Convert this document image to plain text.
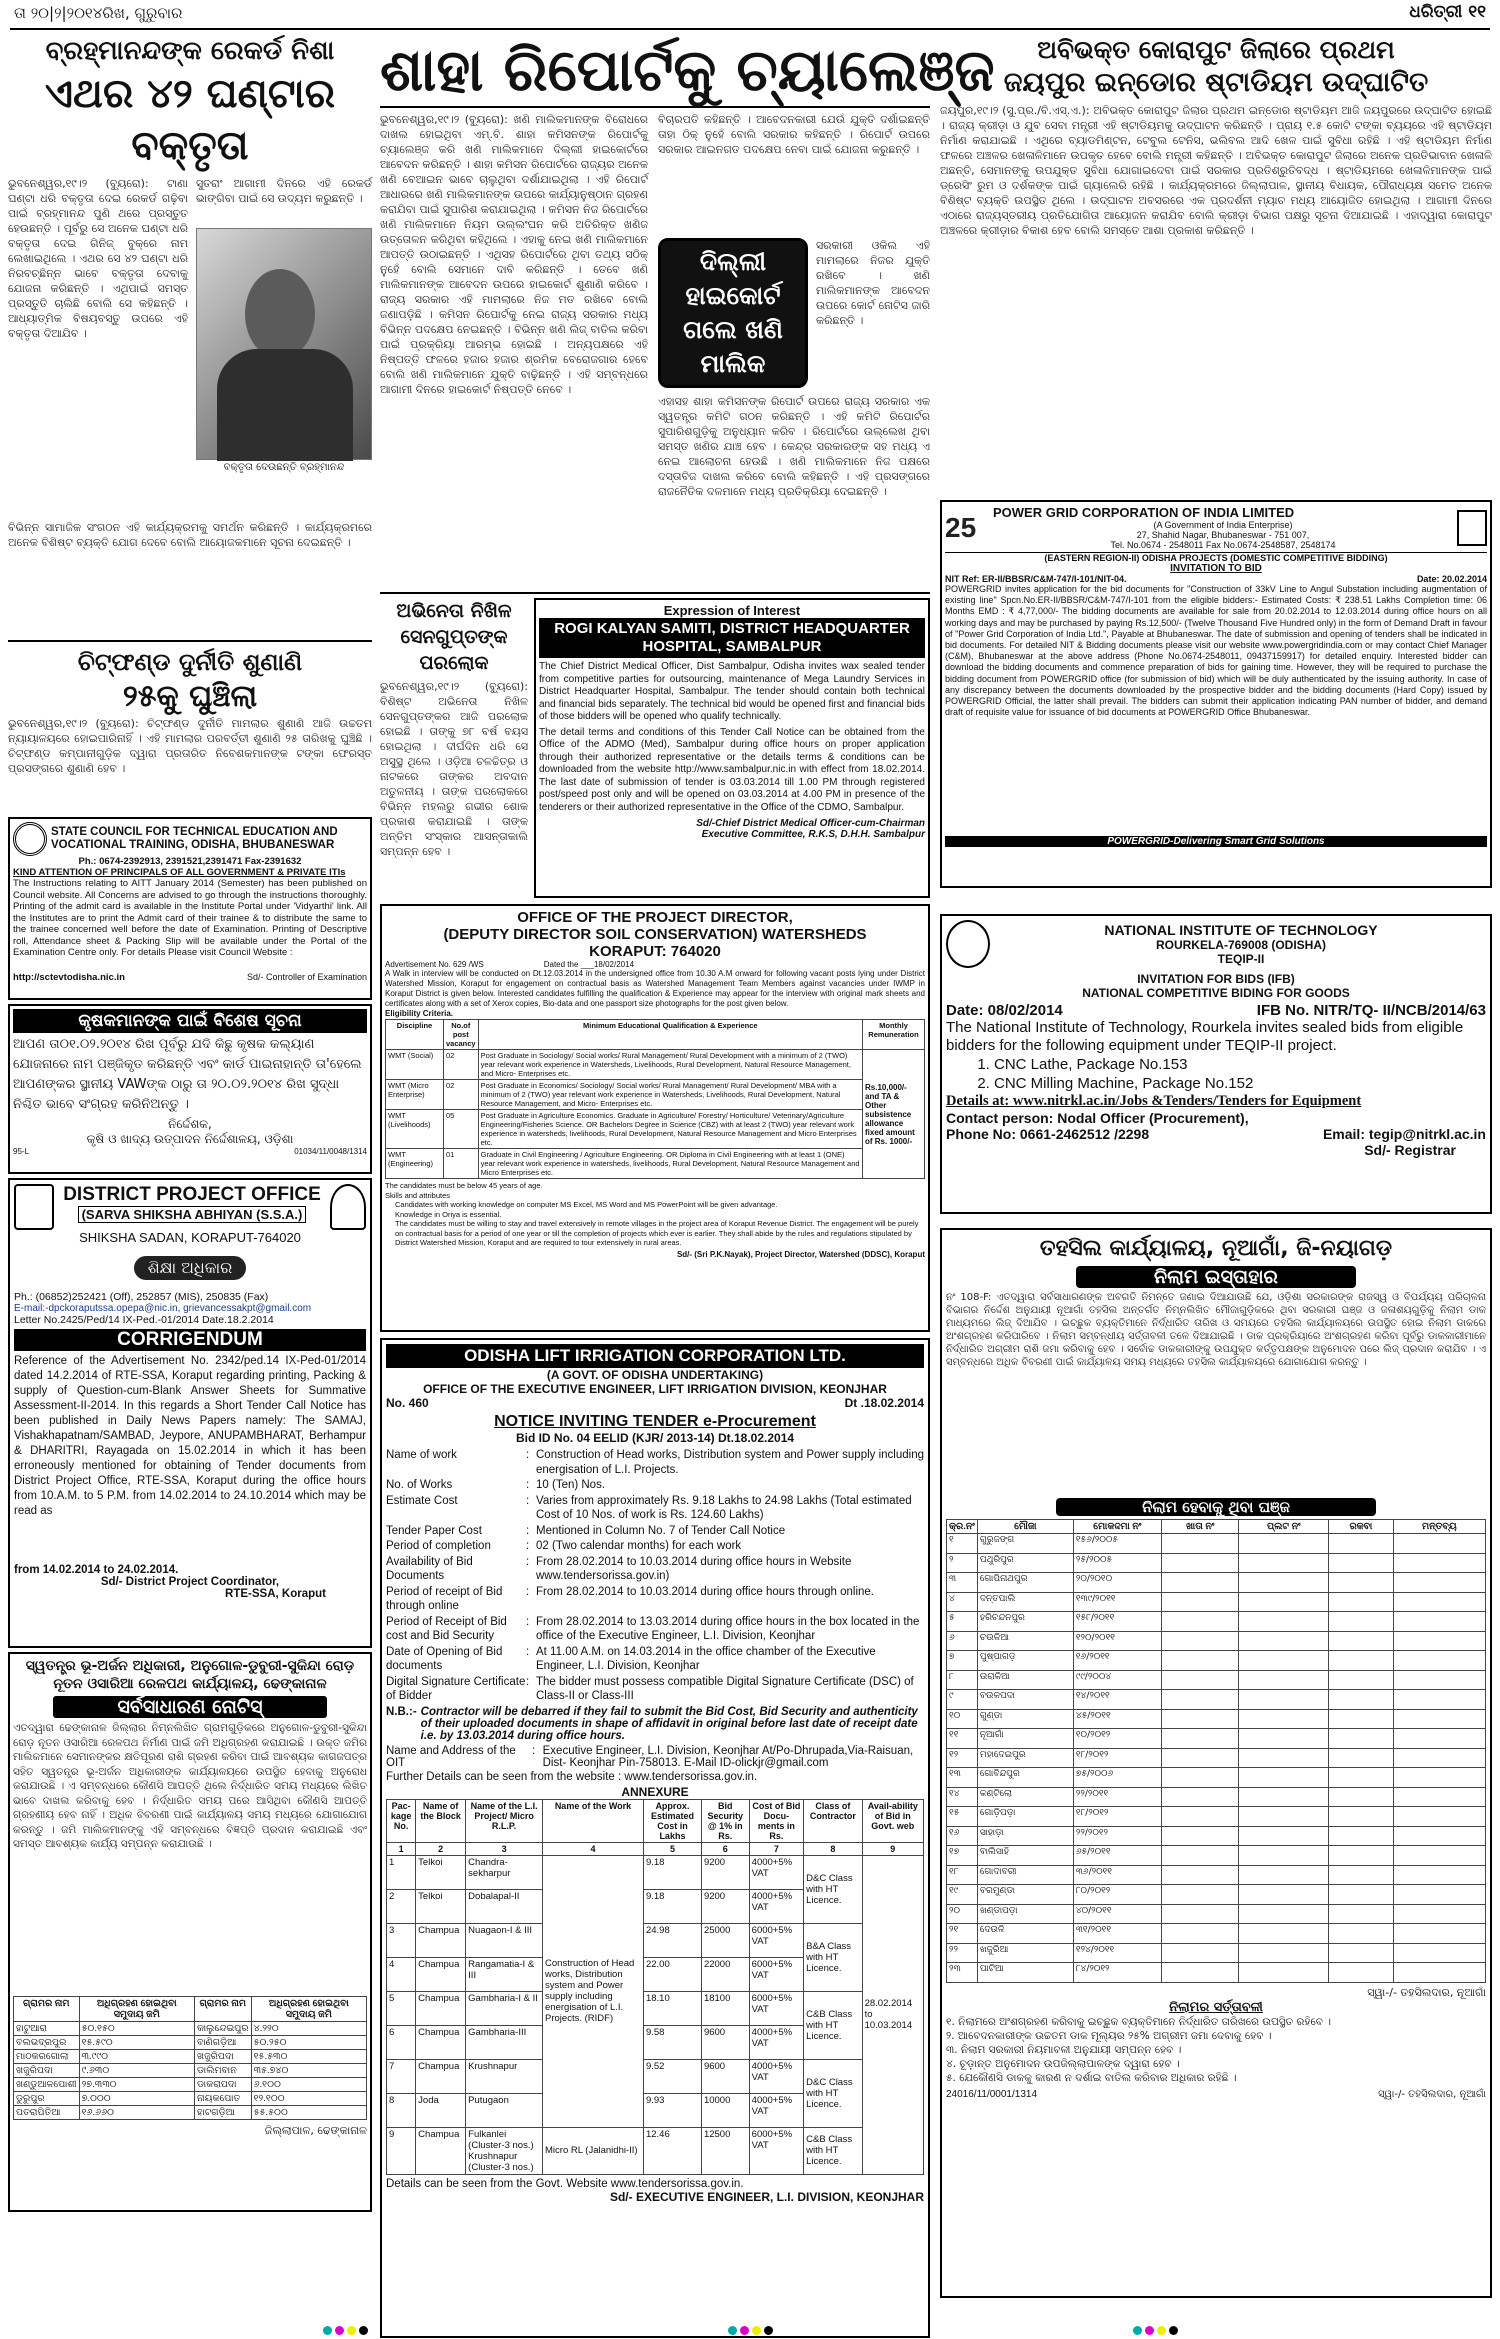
ତା ୨୦|୨|୨୦୧୪ରିଖ, ଗୁରୁବାର	ଧରିତ୍ରୀ ୧୧
ବ୍ରହ୍ମାନନ୍ଦଙ୍କ ରେକର୍ଡ ନିଶା
ଏଥର ୪୨ ଘଣ୍ଟାର ବକ୍ତୃତା
ଭୁବନେଶ୍ୱର,୧୯।୨ (ବ୍ୟୁରୋ): ଟାଣା ଘଣ୍ଟା ଧରି ବକ୍ତୃତା ଦେଇ ରେକର୍ଡ ଗଢ଼ିବା ପାଇଁ ବ୍ରହ୍ମାନନ୍ଦ ପୁଣି ଥରେ ପ୍ରସ୍ତୁତ ହେଉଛନ୍ତି । ପୂର୍ବରୁ ସେ ଅନେକ ଘଣ୍ଟା ଧରି ବକ୍ତୃତା ଦେଇ ଗିନିଜ୍ ବୁକ୍‌ରେ ନାମ ଲେଖାଇଥିଲେ । ଏଥର ସେ ୪୨ ଘଣ୍ଟା ଧରି ନିରବଚ୍ଛିନ୍ନ ଭାବେ ବକ୍ତୃତା ଦେବାକୁ ଯୋଜନା କରିଛନ୍ତି । ଏଥିପାଇଁ ସମସ୍ତ ପ୍ରସ୍ତୁତି ଚାଲିଛି ବୋଲି ସେ କହିଛନ୍ତି । ଆଧ୍ୟାତ୍ମିକ ବିଷୟବସ୍ତୁ ଉପରେ ଏହି ବକ୍ତୃତା ଦିଆଯିବ ।
ସୁତରାଂ ଆଗାମୀ ଦିନରେ ଏହି ରେକର୍ଡ ଭାଙ୍ଗିବା ପାଇଁ ସେ ଉଦ୍ୟମ କରୁଛନ୍ତି ।
ବକ୍ତୃତା ଦେଉଛନ୍ତି ବ୍ରହ୍ମାନନ୍ଦ
ବିଭିନ୍ନ ସାମାଜିକ ସଂଗଠନ ଏହି କାର୍ଯ୍ୟକ୍ରମକୁ ସମର୍ଥନ କରିଛନ୍ତି । କାର୍ଯ୍ୟକ୍ରମରେ ଅନେକ ବିଶିଷ୍ଟ ବ୍ୟକ୍ତି ଯୋଗ ଦେବେ ବୋଲି ଆୟୋଜକମାନେ ସୂଚନା ଦେଇଛନ୍ତି ।
ଚିଟ୍‌ଫଣ୍ଡ ଦୁର୍ନୀତି ଶୁଣାଣି
୨୫କୁ ଘୁଞ୍ଚିଲା
ଭୁବନେଶ୍ୱର,୧୯।୨ (ବ୍ୟୁରୋ): ଚିଟ୍‌ଫଣ୍ଡ ଦୁର୍ନୀତି ମାମଲାର ଶୁଣାଣି ଆଜି ଉଚ୍ଚତମ ନ୍ୟାୟାଳୟରେ ହୋଇପାରିନାହିଁ । ଏହି ମାମଲାର ପରବର୍ତ୍ତୀ ଶୁଣାଣି ୨୫ ତାରିଖକୁ ଘୁଞ୍ଚିଛି । ଚିଟ୍‌ଫଣ୍ଡ କମ୍ପାନୀଗୁଡ଼ିକ ଦ୍ୱାରା ପ୍ରତାରିତ ନିବେଶକମାନଙ୍କ ଟଙ୍କା ଫେରସ୍ତ ପ୍ରସଙ୍ଗରେ ଶୁଣାଣି ହେବ ।
STATE COUNCIL FOR TECHNICAL EDUCATION AND VOCATIONAL TRAINING, ODISHA, BHUBANESWAR
Ph.: 0674-2392913, 2391521,2391471 Fax-2391632
KIND ATTENTION OF PRINCIPALS OF ALL GOVERNMENT & PRIVATE ITIs
The Instructions relating to AITT January 2014 (Semester) has been published on Council website. All Concerns are advised to go through the instructions thoroughly. Printing of the admit card is available in the Institute Portal under 'Vidyarthi' link. All the Institutes are to print the Admit card of their trainee & to distribute the same to the trainee concerned well before the date of Examination. Printing of Descriptive roll, Attendance sheet & Packing Slip will be available under the Portal of the Examination Centre only. For details Please visit Council Website :
http://sctevtodisha.nic.in	Sd/- Controller of Examination
କୃଷକମାନଙ୍କ ପାଇଁ ବିଶେଷ ସୂଚନା
ଆପଣ ତା୦୧.୦୨.୨୦୧୪ ରିଖ ପୂର୍ବରୁ ଯଦି କିଛୁ କୃଷକ କଲ୍ୟାଣ ଯୋଜନାରେ ନାମ ପଞ୍ଜିକୃତ କରିଛନ୍ତି ଏବଂ କାର୍ଡ ପାଇନାହାନ୍ତି ତା'ହେଲେ ଆପଣଙ୍କର ସ୍ଥାନୀୟ VAWଙ୍କ ଠାରୁ ତା ୨୦.୦୨.୨୦୧୪ ରିଖ ସୁଦ୍ଧା ନିଶ୍ଚିତ ଭାବେ ସଂଗ୍ରହ କରିନିଅନ୍ତୁ ।
ନିର୍ଦ୍ଦେଶକ,
କୃଷି ଓ ଖାଦ୍ୟ ଉତ୍ପାଦନ ନିର୍ଦ୍ଦେଶାଳୟ, ଓଡ଼ିଶା
95-L	01034/11/0048/1314
DISTRICT PROJECT OFFICE
(SARVA SHIKSHA ABHIYAN (S.S.A.)
SHIKSHA SADAN, KORAPUT-764020
ଶିକ୍ଷା ଅଧିକାର
Ph.: (06852)252421 (Off), 252857 (MIS), 250835 (Fax)
E-mail:-dpckoraputssa.opepa@nic.in, grievancessakpt@gmail.com
Letter No.2425/Ped/14 IX-Ped.-01/2014 Date.18.2.2014
CORRIGENDUM
Reference of the Advertisement No. 2342/ped.14 IX-Ped-01/2014 dated 14.2.2014 of RTE-SSA, Koraput regarding printing, Packing & supply of Question-cum-Blank Answer Sheets for Summative Assessment-II-2014. In this regards a Short Tender Call Notice has been published in Daily News Papers namely: The SAMAJ, Vishakhapatnam/SAMBAD, Jeypore, ANUPAMBHARAT, Berhampur & DHARITRI, Rayagada on 15.02.2014 in which it has been erroneously mentioned for obtaining of Tender documents from District Project Office, RTE-SSA, Koraput during the office hours from 10.A.M. to 5 P.M. from 14.02.2014 to 24.10.2014 which may be read as
from 14.02.2014 to 24.02.2014.
Sd/- District Project Coordinator,
RTE-SSA, Koraput
ସ୍ୱତନ୍ତ୍ର ଭୂ-ଅର୍ଜନ ଅଧିକାରୀ, ଅନୁଗୋଳ-ଡୁବୁରୀ-ସୁକିନ୍ଦା ରୋଡ଼ ନୂତନ ଓସାରିଆ ରେଳପଥ କାର୍ଯ୍ୟାଳୟ, ଢେଙ୍କାନାଳ
ସର୍ବସାଧାରଣ ନୋଟିସ୍
ଏତଦ୍ୱାରା ଢେଙ୍କାନାଳ ଜିଲ୍ଲାର ନିମ୍ନଲିଖିତ ଗ୍ରାମଗୁଡ଼ିକରେ ଅନୁଗୋଳ-ଡୁବୁରୀ-ସୁକିନ୍ଦା ରୋଡ଼ ନୂତନ ଓସାରିଆ ରେଳପଥ ନିର୍ମାଣ ପାଇଁ ଜମି ଅଧିଗ୍ରହଣ କରାଯାଇଛି । ଉକ୍ତ ଜମିର ମାଲିକମାନେ ସେମାନଙ୍କର କ୍ଷତିପୂରଣ ରାଶି ଗ୍ରହଣ କରିବା ପାଇଁ ଆବଶ୍ୟକ କାଗଜପତ୍ର ସହିତ ସ୍ୱତନ୍ତ୍ର ଭୂ-ଅର୍ଜନ ଅଧିକାରୀଙ୍କ କାର୍ଯ୍ୟାଳୟରେ ଉପସ୍ଥିତ ହେବାକୁ ଅନୁରୋଧ କରାଯାଉଛି । ଏ ସମ୍ବନ୍ଧରେ କୌଣସି ଆପତ୍ତି ଥିଲେ ନିର୍ଦ୍ଧାରିତ ସମୟ ମଧ୍ୟରେ ଲିଖିତ ଭାବେ ଦାଖଲ କରିବାକୁ ହେବ । ନିର୍ଦ୍ଧାରିତ ସମୟ ପରେ ଆସିଥିବା କୌଣସି ଆପତ୍ତି ଗ୍ରହଣୀୟ ହେବ ନାହିଁ । ଅଧିକ ବିବରଣୀ ପାଇଁ କାର୍ଯ୍ୟାଳୟ ସମୟ ମଧ୍ୟରେ ଯୋଗାଯୋଗ କରନ୍ତୁ । ଜମି ମାଲିକମାନଙ୍କୁ ଏହି ସମ୍ବନ୍ଧରେ ବିଜ୍ଞପ୍ତି ପ୍ରଦାନ କରାଯାଇଛି ଏବଂ ସମସ୍ତ ଆବଶ୍ୟକ କାର୍ଯ୍ୟ ସମ୍ପନ୍ନ କରାଯାଉଛି ।
ଗ୍ରାମର ନାମ	ଅଧିଗ୍ରହଣ ହୋଇଥିବା ସମୁଦାୟ ଜମି	ଗ୍ରାମର ନାମ	ଅଧିଗ୍ରହଣ ହୋଇଥିବା ସମୁଦାୟ ଜମି
ହାଟୁଆରା	୫୦.୧୫୦	କାଲୁନ୍ଦେଇପୁର	୪.୨୨୦
ବଲଭଦ୍ରପୁର	୧୫.୫୯୦	ବାଣିଗଡ଼ିଆ	୫୦.୨୫୦
ମାଠକରଗୋଲା	୩.୯୯୦	ଖଜୁରିପଦା	୧୫.୫୩୦
ଖଜୁରିପଦା	୯.୬୩୦	ଡାଲିମବାନ	୩୫.୭୪୦
ଖଣ୍ଡୁଆଳପୋଶୀ	୨୭.୩୩୦	ଡାକରାପଦା	୬.୧୦୦
ଡୁରୁପୁର	୭.୦୦୦	ନାୟକପୋତ	୧୨.୧୦୦
ପତରାପିତିଆ	୧୬.୬୬୦	ହାଟଗଡ଼ିଆ	୫୫.୫୦୦
ଜିଲ୍ଲାପାଳ, ଢେଙ୍କାନାଳ
ଶାହା ରିପୋର୍ଟକୁ ଚ୍ୟାଲେଞ୍ଜ
ଭୁବନେଶ୍ୱର,୧୯।୨ (ବ୍ୟୁରୋ): ଖଣି ମାଲିକମାନଙ୍କ ବିରୋଧରେ ଦାଖଲ ହୋଇଥିବା ଏମ୍.ବି. ଶାହା କମିସନଙ୍କ ରିପୋର୍ଟକୁ ଚ୍ୟାଲେଞ୍ଜ କରି ଖଣି ମାଲିକମାନେ ଦିଲ୍ଲୀ ହାଇକୋର୍ଟରେ ଆବେଦନ କରିଛନ୍ତି । ଶାହା କମିସନ ରିପୋର୍ଟରେ ରାଜ୍ୟର ଅନେକ ଖଣି ବେଆଇନ ଭାବେ ଚାଲୁଥିବା ଦର୍ଶାଯାଇଥିଲା । ଏହି ରିପୋର୍ଟ ଆଧାରରେ ଖଣି ମାଲିକମାନଙ୍କ ଉପରେ କାର୍ଯ୍ୟାନୁଷ୍ଠାନ ଗ୍ରହଣ କରାଯିବା ପାଇଁ ସୁପାରିଶ କରାଯାଇଥିଲା । କମିସନ ନିଜ ରିପୋର୍ଟରେ ଖଣି ମାଲିକମାନେ ନିୟମ ଉଲ୍ଲଂଘନ କରି ଅତିରିକ୍ତ ଖଣିଜ ଉତ୍ତୋଳନ କରିଥିବା କହିଥିଲେ । ଏହାକୁ ନେଇ ଖଣି ମାଲିକମାନେ ଆପତ୍ତି ଉଠାଇଛନ୍ତି । ଏଥିସହ ରିପୋର୍ଟରେ ଥିବା ତଥ୍ୟ ସଠିକ୍ ନୁହେଁ ବୋଲି ସେମାନେ ଦାବି କରିଛନ୍ତି । ତେବେ ଖଣି ମାଲିକମାନଙ୍କ ଆବେଦନ ଉପରେ ହାଇକୋର୍ଟ ଶୁଣାଣି କରିବେ । ରାଜ୍ୟ ସରକାର ଏହି ମାମଲାରେ ନିଜ ମତ ରଖିବେ ବୋଲି ଜଣାପଡ଼ିଛି । କମିସନ ରିପୋର୍ଟକୁ ନେଇ ରାଜ୍ୟ ସରକାର ମଧ୍ୟ ବିଭିନ୍ନ ପଦକ୍ଷେପ ନେଇଛନ୍ତି । ବିଭିନ୍ନ ଖଣି ଲିଜ୍ ବାତିଲ କରିବା ପାଇଁ ପ୍ରକ୍ରିୟା ଆରମ୍ଭ ହୋଇଛି । ଅନ୍ୟପକ୍ଷରେ ଏହି ନିଷ୍ପତ୍ତି ଫଳରେ ହଜାର ହଜାର ଶ୍ରମିକ ବେରୋଜଗାର ହେବେ ବୋଲି ଖଣି ମାଲିକମାନେ ଯୁକ୍ତି ବାଢ଼ିଛନ୍ତି । ଏହି ସମ୍ବନ୍ଧରେ ଆଗାମୀ ଦିନରେ ହାଇକୋର୍ଟ ନିଷ୍ପତ୍ତି ନେବେ ।
ବିଚାରପତି କହିଛନ୍ତି । ଆବେଦନକାରୀ ଯେଉଁ ଯୁକ୍ତି ଦର୍ଶାଇଛନ୍ତି ତାହା ଠିକ୍ ନୁହେଁ ବୋଲି ସରକାର କହିଛନ୍ତି । ରିପୋର୍ଟ ଉପରେ ସରକାର ଆଇନଗତ ପଦକ୍ଷେପ ନେବା ପାଇଁ ଯୋଜନା କରୁଛନ୍ତି ।
ଦିଲ୍ଲୀ ହାଇକୋର୍ଟ ଗଲେ ଖଣି ମାଲିକ
ସରକାରୀ ଓକିଲ ଏହି ମାମଲାରେ ନିଜର ଯୁକ୍ତି ରଖିବେ । ଖଣି ମାଲିକମାନଙ୍କ ଆବେଦନ ଉପରେ କୋର୍ଟ ନୋଟିସ ଜାରି କରିଛନ୍ତି ।
ଏହାସହ ଶାହା କମିସନଙ୍କ ରିପୋର୍ଟ ଉପରେ ରାଜ୍ୟ ସରକାର ଏକ ସ୍ୱତନ୍ତ୍ର କମିଟି ଗଠନ କରିଛନ୍ତି । ଏହି କମିଟି ରିପୋର୍ଟର ସୁପାରିଶଗୁଡ଼ିକୁ ଅନୁଧ୍ୟାନ କରିବ । ରିପୋର୍ଟରେ ଉଲ୍ଲେଖ ଥିବା ସମସ୍ତ ଖଣିର ଯାଞ୍ଚ ହେବ । କେନ୍ଦ୍ର ସରକାରଙ୍କ ସହ ମଧ୍ୟ ଏ ନେଇ ଆଲୋଚନା ହେଉଛି । ଖଣି ମାଲିକମାନେ ନିଜ ପକ୍ଷରେ ଦସ୍ତାବିଜ ଦାଖଲ କରିବେ ବୋଲି କହିଛନ୍ତି । ଏହି ପ୍ରସଙ୍ଗରେ ରାଜନୈତିକ ଦଳମାନେ ମଧ୍ୟ ପ୍ରତିକ୍ରିୟା ଦେଇଛନ୍ତି ।
ଅଭିନେତା ନିଖିଳ
ସେନଗୁପ୍ତଙ୍କ ପରଲୋକ
ଭୁବନେଶ୍ୱର,୧୯।୨ (ବ୍ୟୁରୋ): ବିଶିଷ୍ଟ ଅଭିନେତା ନିଖିଳ ସେନଗୁପ୍ତଙ୍କର ଆଜି ପରଲୋକ ହୋଇଛି । ତାଙ୍କୁ ୭୮ ବର୍ଷ ବୟସ ହୋଇଥିଲା । ଦୀର୍ଘଦିନ ଧରି ସେ ଅସୁସ୍ଥ ଥିଲେ । ଓଡ଼ିଆ ଚଳଚ୍ଚିତ୍ର ଓ ନାଟକରେ ତାଙ୍କର ଅବଦାନ ଅତୁଳନୀୟ । ତାଙ୍କ ପରଲୋକରେ ବିଭିନ୍ନ ମହଲରୁ ଗଭୀର ଶୋକ ପ୍ରକାଶ କରାଯାଇଛି । ତାଙ୍କ ଅନ୍ତିମ ସଂସ୍କାର ଆସନ୍ତାକାଲି ସମ୍ପନ୍ନ ହେବ ।
Expression of Interest
ROGI KALYAN SAMITI, DISTRICT HEADQUARTER HOSPITAL, SAMBALPUR
The Chief District Medical Officer, Dist Sambalpur, Odisha invites wax sealed tender from competitive parties for outsourcing, maintenance of Mega Laundry Services in District Headquarter Hospital, Sambalpur. The tender should contain both technical and financial bids separately. The technical bid would be opened first and financial bids of those bidders will be opened who qualify technically.
The detail terms and conditions of this Tender Call Notice can be obtained from the Office of the ADMO (Med), Sambalpur during office hours on proper application through their authorized representative or the details terms & conditions can be downloaded from the website http://www.sambalpur.nic.in with effect from 18.02.2014. The last date of submission of tender is 03.03.2014 till 1.00 PM through registered post/speed post only and will be opened on 03.03.2014 at 4.00 PM in presence of the tenderers or their authorized representative in the Office of the CDMO, Sambalpur.
Sd/-Chief District Medical Officer-cum-Chairman
Executive Committee, R.K.S, D.H.H. Sambalpur
OFFICE OF THE PROJECT DIRECTOR,
(DEPUTY DIRECTOR SOIL CONSERVATION) WATERSHEDS
KORAPUT: 764020
Advertisement No. 629 /WS	Dated the ___18/02/2014
A Walk in interview will be conducted on Dt.12.03.2014 in the undersigned office from 10.30 A.M onward for following vacant posts lying under District Watershed Mission, Koraput for engagement on contractual basis as Watershed Management Team Members against vacancies under IWMP in Koraput District is given below. Interested candidates fulfilling the qualification & Experience may appear for the interview with original mark sheets and certificates along with a set of Xerox copies, Bio-data and one passport size photographs for the post given below.
Eligibility Criteria.
Discipline	No.of post vacancy	Minimum Educational Qualification & Experience	Monthly Remuneration
WMT (Social)	02	Post Graduate in Sociology/ Social works/ Rural Management/ Rural Development with a minimum of 2 (TWO) year relevant work experience in Watersheds, Livelihoods, Rural Development, Natural Resource Management, and Micro- Enterprises etc.	Rs.10,000/- and TA & Other subsistence allowance fixed amount of Rs. 1000/-
WMT (Micro Enterprise)	02	Post Graduate in Economics/ Sociology/ Social works/ Rural Management/ Rural Development/ MBA with a minimum of 2 (TWO) year relevant work experience in Watersheds, Livelihoods, Rural Development, Natural Resource Management, and Micro- Enterprises etc.	
WMT (Livelihoods)	05	Post Graduate in Agriculture Economics. Graduate in Agriculture/ Forestry/ Horticulture/ Veterinary/Agriculture Engineering/Fisheries Science. OR Bachelors Degree in Science (CBZ) with at least 2 (TWO) year relevant work experience in watersheds, livelihoods, Rural Development, Natural Resource Management and Micro Enterprises etc.	
WMT (Engineering)	01	Graduate in Civil Engineering / Agriculture Engineering. OR Diploma in Civil Engineering with at least 1 (ONE) year relevant work experience in watersheds, livelihoods, Rural Development, Natural Resource Management and Micro Enterprises etc.	
The candidates must be below 45 years of age.
Skills and attributes
Candidates with working knowledge on computer MS Excel, MS Word and MS PowerPoint will be given advantage.
Knowledge in Oriya is essential.
The candidates must be willing to stay and travel extensively in remote villages in the project area of Koraput Revenue District. The engagement will be purely on contractual basis for a period of one year or till the completion of projects which ever is earlier. They shall abide by the rules and regulations stipulated by District Watershed Mission, Koraput and are required to tour extensively in rural areas.
Sd/- (Sri P.K.Nayak), Project Director, Watershed (DDSC), Koraput
ODISHA LIFT IRRIGATION CORPORATION LTD.
(A GOVT. OF ODISHA UNDERTAKING)
OFFICE OF THE EXECUTIVE ENGINEER, LIFT IRRIGATION DIVISION, KEONJHAR
No. 460	Dt .18.02.2014
NOTICE INVITING TENDER e-Procurement
Bid ID No. 04 EELID (KJR/ 2013-14) Dt.18.02.2014
Name of work	: Construction of Head works, Distribution system and Power supply including energisation of L.I. Projects.
No. of Works	: 10 (Ten) Nos.
Estimate Cost	: Varies from approximately Rs. 9.18 Lakhs to 24.98 Lakhs (Total estimated Cost of 10 Nos. of work is Rs. 124.60 Lakhs)
Tender Paper Cost	: Mentioned in Column No. 7 of Tender Call Notice
Period of completion	: 02 (Two calendar months) for each work
Availability of Bid Documents
: From 28.02.2014 to 10.03.2014 during office hours in Website www.tendersorissa.gov.in)
Period of receipt of Bid through online
: From 28.02.2014 to 10.03.2014 during office hours through online.
Period of Receipt of Bid cost and Bid Security
: From 28.02.2014 to 13.03.2014 during office hours in the box located in the office of the Executive Engineer, L.I. Division, Keonjhar
Date of Opening of Bid documents
: At 11.00 A.M. on 14.03.2014 in the office chamber of the Executive Engineer, L.I. Division, Keonjhar
Digital Signature Certificate of Bidder
: The bidder must possess compatible Digital Signature Certificate (DSC) of Class-II or Class-III
N.B.:- Contractor will be debarred if they fail to submit the Bid Cost, Bid Security and authenticity of their uploaded documents in shape of affidavit in original before last date of receipt date i.e. by 13.03.2014 during office hours.
Name and Address of the OIT
: Executive Engineer, L.I. Division, Keonjhar At/Po-Dhrupada,Via-Raisuan, Dist- Keonjhar Pin-758013. E-Mail ID-olickjr@gmail.com
Further Details can be seen from the website : www.tendersorissa.gov.in.
ANNEXURE
Pac-kage No.	Name of the Block	Name of the L.I. Project/ Micro R.L.P.	Name of the Work	Approx. Estimated Cost in Lakhs	Bid Security @ 1% in Rs.	Cost of Bid Docu-ments in Rs.	Class of Contractor	Avail-ability of Bid in Govt. web
1	2	3	4	5	6	7	8	9
1	Telkoi	Chandra-sekharpur	Construction of Head works, Distribution system and Power supply including energisation of L.I. Projects. (RIDF)	9.18	9200	4000+5% VAT	D&C Class with HT Licence.	28.02.2014 to 10.03.2014
2	Telkoi	Dobalapal-II		9.18	9200	4000+5% VAT		
3	Champua	Nuagaon-I & III		24.98	25000	6000+5% VAT	B&A Class with HT Licence.	
4	Champua	Rangamatia-I & III		22.00	22000	6000+5% VAT		
5	Champua	Gambharia-I & II		18.10	18100	6000+5% VAT	C&B Class with HT Licence.	
6	Champua	Gambharia-III		9.58	9600	4000+5% VAT		
7	Champua	Krushnapur		9.52	9600	4000+5% VAT	D&C Class with HT Licence.	
8	Joda	Putugaon		9.93	10000	4000+5% VAT		
9	Champua	Fulkanlei (Cluster-3 nos.) Krushnapur (Cluster-3 nos.)	Micro RL (Jalanidhi-II)	12.46	12500	6000+5% VAT	C&B Class with HT Licence.	
Details can be seen from the Govt. Website www.tendersorissa.gov.in.
Sd/- EXECUTIVE ENGINEER, L.I. DIVISION, KEONJHAR
ଅବିଭକ୍ତ କୋରାପୁଟ ଜିଲାରେ ପ୍ରଥମ
ଜୟପୁର ଇନ୍‌ଡୋର ଷ୍ଟାଡିୟମ ଉଦ୍‌ଘାଟିତ
ଜୟପୁର,୧୯।୨ (ସୁ.ପ୍ର./ବି.ଏସ୍.ଏ.): ଅବିଭକ୍ତ କୋରାପୁଟ ଜିଲାର ପ୍ରଥମ ଇନ୍‌ଡୋର ଷ୍ଟାଡିୟମ ଆଜି ଜୟପୁରରେ ଉଦ୍‌ଘାଟିତ ହୋଇଛି । ରାଜ୍ୟ କ୍ରୀଡ଼ା ଓ ଯୁବ ସେବା ମନ୍ତ୍ରୀ ଏହି ଷ୍ଟାଡିୟମକୁ ଉଦ୍‌ଘାଟନ କରିଛନ୍ତି । ପ୍ରାୟ ୧.୫ କୋଟି ଟଙ୍କା ବ୍ୟୟରେ ଏହି ଷ୍ଟାଡିୟମ ନିର୍ମାଣ କରାଯାଇଛି । ଏଥିରେ ବ୍ୟାଡମିଣ୍ଟନ, ଟେବୁଲ ଟେନିସ, ଭଲିବଲ ଆଦି ଖେଳ ପାଇଁ ସୁବିଧା ରହିଛି । ଏହି ଷ୍ଟାଡିୟମ ନିର୍ମାଣ ଫଳରେ ଅଞ୍ଚଳର ଖେଳାଳିମାନେ ଉପକୃତ ହେବେ ବୋଲି ମନ୍ତ୍ରୀ କହିଛନ୍ତି । ଅବିଭକ୍ତ କୋରାପୁଟ ଜିଲାରେ ଅନେକ ପ୍ରତିଭାବାନ ଖେଳାଳି ଅଛନ୍ତି, ସେମାନଙ୍କୁ ଉପଯୁକ୍ତ ସୁବିଧା ଯୋଗାଇଦେବା ପାଇଁ ସରକାର ପ୍ରତିଶ୍ରୁତିବଦ୍ଧ । ଷ୍ଟାଡିୟମରେ ଖେଳାଳିମାନଙ୍କ ପାଇଁ ଡ୍ରେସିଂ ରୁମ ଓ ଦର୍ଶକଙ୍କ ପାଇଁ ଗ୍ୟାଲେରି ରହିଛି । କାର୍ଯ୍ୟକ୍ରମରେ ଜିଲ୍ଲାପାଳ, ସ୍ଥାନୀୟ ବିଧାୟକ, ପୌରାଧ୍ୟକ୍ଷ ସମେତ ଅନେକ ବିଶିଷ୍ଟ ବ୍ୟକ୍ତି ଉପସ୍ଥିତ ଥିଲେ । ଉଦ୍‌ଘାଟନ ଅବସରରେ ଏକ ପ୍ରଦର୍ଶନୀ ମ୍ୟାଚ ମଧ୍ୟ ଆୟୋଜିତ ହୋଇଥିଲା । ଆଗାମୀ ଦିନରେ ଏଠାରେ ରାଜ୍ୟସ୍ତରୀୟ ପ୍ରତିଯୋଗିତା ଆୟୋଜନ କରାଯିବ ବୋଲି କ୍ରୀଡ଼ା ବିଭାଗ ପକ୍ଷରୁ ସୂଚନା ଦିଆଯାଇଛି । ଏହାଦ୍ୱାରା କୋରାପୁଟ ଅଞ୍ଚଳରେ କ୍ରୀଡ଼ାର ବିକାଶ ହେବ ବୋଲି ସମସ୍ତେ ଆଶା ପ୍ରକାଶ କରିଛନ୍ତି ।
25	POWER GRID CORPORATION OF INDIA LIMITED
(A Government of India Enterprise)
27, Shahid Nagar, Bhubaneswar - 751 007,
Tel. No.0674 - 2548011 Fax No.0674-2548587, 2548174
(EASTERN REGION-II) ODISHA PROJECTS (DOMESTIC COMPETITIVE BIDDING)
INVITATION TO BID
NIT Ref: ER-II/BBSR/C&M-747/I-101/NIT-04.	Date: 20.02.2014
POWERGRID invites application for the bid documents for "Construction of 33kV Line to Angul Substation including augmentation of existing line" Spcn.No.ER-II/BBSR/C&M-747/I-101 from the eligible bidders:- Estimated Costs: ₹ 238.51 Lakhs Completion time: 06 Months EMD : ₹ 4,77,000/- The bidding documents are available for sale from 20.02.2014 to 12.03.2014 during office hours on all working days and may be purchased by paying Rs.12,500/- (Twelve Thousand Five Hundred only) in the form of Demand Draft in favour of "Power Grid Corporation of India Ltd.", Payable at Bhubaneswar. The date of submission and opening of tenders shall be indicated in bid documents. For detailed NIT & Bidding documents please visit our website www.powergridindia.com or may contact Chief Manager (C&M), Bhubaneswar at the above address (Phone No.0674-2548011, 09437159917) for detailed enquiry. Interested bidder can download the bidding documents and commence preparation of bids for gaining time. However, they will be required to purchase the bidding document from POWERGRID office (for submission of bid) which will be duly authenticated by the issuing authority. In case of any discrepancy between the documents downloaded by the prospective bidder and the bidding documents (Hard Copy) issued by POWERGRID Official, the latter shall prevail. The bidders can submit their application indicating PAN number of bidder, and demand draft of requisite value for issuance of bid documents at POWERGRID Office Bhubaneswar.
POWERGRID-Delivering Smart Grid Solutions
NATIONAL INSTITUTE OF TECHNOLOGY
ROURKELA-769008 (ODISHA)
TEQIP-II
INVITATION FOR BIDS (IFB)
NATIONAL COMPETITIVE BIDING FOR GOODS
Date: 08/02/2014	IFB No. NITR/TQ- II/NCB/2014/63
The National Institute of Technology, Rourkela invites sealed bids from eligible bidders for the following equipment under TEQIP-II project.
1. CNC Lathe, Package No.153
2. CNC Milling Machine, Package No.152
Details at: www.nitrkl.ac.in/Jobs &Tenders/Tenders for Equipment
Contact person: Nodal Officer (Procurement),
Phone No: 0661-2462512 /2298	Email: tegip@nitrkl.ac.in
Sd/- Registrar
ତହସିଲ କାର୍ଯ୍ୟାଳୟ, ନୂଆଗାଁ, ଜି-ନୟାଗଡ଼
ନିଲାମ ଇସ୍ତାହାର
ନଂ 108-F: ଏତଦ୍ୱାରା ସର୍ବସାଧାରଣଙ୍କ ଅବଗତି ନିମନ୍ତେ ଜଣାଇ ଦିଆଯାଉଛି ଯେ, ଓଡ଼ିଶା ସରକାରଙ୍କ ରାଜସ୍ୱ ଓ ବିପର୍ଯ୍ୟୟ ପରିଚାଳନା ବିଭାଗର ନିର୍ଦ୍ଦେଶ ଅନୁଯାୟୀ ନୂଆଗାଁ ତହସିଲ ଅନ୍ତର୍ଗତ ନିମ୍ନଲିଖିତ ମୌଜାଗୁଡ଼ିକରେ ଥିବା ସରକାରୀ ଘଞ୍ଜ ଓ ଜଳାଶୟଗୁଡ଼ିକୁ ନିଲାମ ଡାକ ମାଧ୍ୟମରେ ଲିଜ୍ ଦିଆଯିବ । ଇଚ୍ଛୁକ ବ୍ୟକ୍ତିମାନେ ନିର୍ଦ୍ଧାରିତ ତାରିଖ ଓ ସମୟରେ ତହସିଲ କାର୍ଯ୍ୟାଳୟରେ ଉପସ୍ଥିତ ହୋଇ ନିଲାମ ଡାକରେ ଅଂଶଗ୍ରହଣ କରିପାରିବେ । ନିଲାମ ସମ୍ବନ୍ଧୀୟ ସର୍ତ୍ତାବଳୀ ତଳେ ଦିଆଯାଇଛି । ଡାକ ପ୍ରକ୍ରିୟାରେ ଅଂଶଗ୍ରହଣ କରିବା ପୂର୍ବରୁ ଡାକକାରୀମାନେ ନିର୍ଦ୍ଧାରିତ ଅଗ୍ରୀମ ରାଶି ଜମା କରିବାକୁ ହେବ । ସର୍ବୋଚ୍ଚ ଡାକକାରୀଙ୍କୁ ଉପଯୁକ୍ତ କର୍ତ୍ତୃପକ୍ଷଙ୍କ ଅନୁମୋଦନ ପରେ ଲିଜ୍ ପ୍ରଦାନ କରାଯିବ । ଏ ସମ୍ବନ୍ଧରେ ଅଧିକ ବିବରଣୀ ପାଇଁ କାର୍ଯ୍ୟାଳୟ ସମୟ ମଧ୍ୟରେ ତହସିଲ କାର୍ଯ୍ୟାଳୟରେ ଯୋଗାଯୋଗ କରନ୍ତୁ ।
ନିଲାମ ହେବାକୁ ଥିବା ଘଞ୍ଜ
କ୍ର.ନଂ	ମୌଜା	ମୋକଦ୍ଦମା ନଂ	ଖାତା ନଂ	ପ୍ଲଟ ନଂ	ରକବା	ମନ୍ତବ୍ୟ
୧	ଗୁରୁଜଙ୍ଗ	୧୫୬/୨୦୦୫				
୨	ପଥୁରିପୁର	୨୫/୨୦୦୫				
୩	ଗୋପିନାଥପୁର	୨୦/୨୦୧୦				
୪	ଦନ୍ତପାଲି	୧୩୯/୨୦୧୧				
୫	ହରିଚନ୍ଦନପୁର	୧୫୮/୨୦୧୧				
୬	ଚଉଳିଆ	୧୨୦/୨୦୧୧				
୭	ପୁଷ୍ପାଗଡ଼	୧୬/୨୦୧୧				
୮	ଉରାଳିଆ	୯୯/୨୦୦୪				
୯	ବଉଳପଦା	୧୪/୨୦୧୧				
୧୦	ଗୁଣ୍ଡା	୪୫/୨୦୧୧				
୧୧	ନୂଆଗାଁ	୧୦/୨୦୧୨				
୧୨	ମହାଦେଇପୁର	୧୮/୨୦୧୨				
୧୩	ଗୋବିନ୍ଦପୁର	୭୫/୨୦୦୬				
୧୪	କଣ୍ଟିଲୋ	୨୨/୨୦୧୧				
୧୫	ଗୋଡ଼ିପଡ଼ା	୧୮/୨୦୧୨				
୧୬	ସାହାଡ଼ା	୨୨/୨୦୧୨				
୧୭	ବାଲିସାହି	୬୫/୨୦୧୧				
୧୮	ଗୋଦାବରୀ	୩୬/୨୦୧୧				
୧୯	ବରମୁଣ୍ଡା	୮୦/୨୦୧୨				
୨୦	ଖଣ୍ଡାପଡ଼ା	୪୦/୨୦୧୧				
୨୧	ଦେଉଳି	୩୧/୨୦୧୧				
୨୨	ଖଜୁରିଆ	୧୨୪/୨୦୧୧				
୨୩	ପାଟିଆ	୮୪/୨୦୧୨				
ସ୍ୱା-/- ତହସିଲଦାର, ନୂଆଗାଁ
ନିଲାମର ସର୍ତ୍ତାବଳୀ
୧. ନିଲାମରେ ଅଂଶଗ୍ରହଣ କରିବାକୁ ଇଚ୍ଛୁକ ବ୍ୟକ୍ତିମାନେ ନିର୍ଦ୍ଧାରିତ ତାରିଖରେ ଉପସ୍ଥିତ ରହିବେ ।
୨. ଆବେଦନକାରୀଙ୍କ ଉଚ୍ଚତମ ଡାକ ମୂଲ୍ୟର ୨୫% ଅଗ୍ରୀମ ଜମା ଦେବାକୁ ହେବ ।
୩. ନିଲାମ ସରକାରୀ ନିୟମାବଳୀ ଅନୁଯାୟୀ ସମ୍ପନ୍ନ ହେବ ।
୪. ଚୂଡ଼ାନ୍ତ ଅନୁମୋଦନ ଉପଜିଲ୍ଲାପାଳଙ୍କ ଦ୍ୱାରା ହେବ ।
୫. ଯେକୌଣସି ଡାକକୁ କାରଣ ନ ଦର୍ଶାଇ ବାତିଲ କରିବାର ଅଧିକାର ରହିଛି ।
24016/11/0001/1314	ସ୍ୱା-/- ତହସିଲଦାର, ନୂଆଗାଁ
